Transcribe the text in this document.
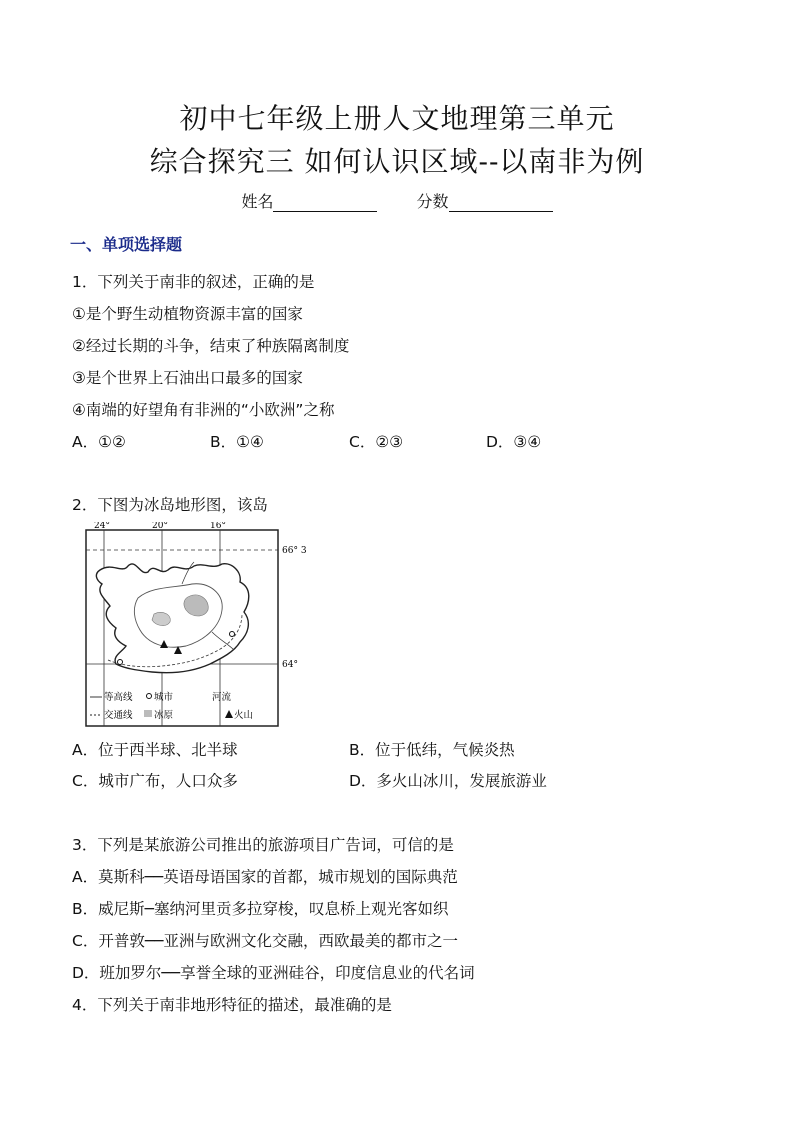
初中七年级上册人文地理第三单元
综合探究三 如何认识区域--以南非为例
姓名	分数
一、单项选择题
1．下列关于南非的叙述，正确的是
①是个野生动植物资源丰富的国家
②经过长期的斗争，结束了种族隔离制度
③是个世界上石油出口最多的国家
④南端的好望角有非洲的“小欧洲”之称
A．①②	B．①④	C．②③	D．③④
2．下图为冰岛地形图，该岛
24°	20°	16°
66° 3
64°
等高线 城市	河流
交通线 冰原	火山
A．位于西半球、北半球	B．位于低纬，气候炎热
C．城市广布，人口众多	D．多火山冰川，发展旅游业
3．下列是某旅游公司推出的旅游项目广告词，可信的是
A．莫斯科──英语母语国家的首都，城市规划的国际典范
B．威尼斯─塞纳河里贡多拉穿梭，叹息桥上观光客如织
C．开普敦──亚洲与欧洲文化交融，西欧最美的都市之一
D．班加罗尔──享誉全球的亚洲硅谷，印度信息业的代名词
4．下列关于南非地形特征的描述，最准确的是
